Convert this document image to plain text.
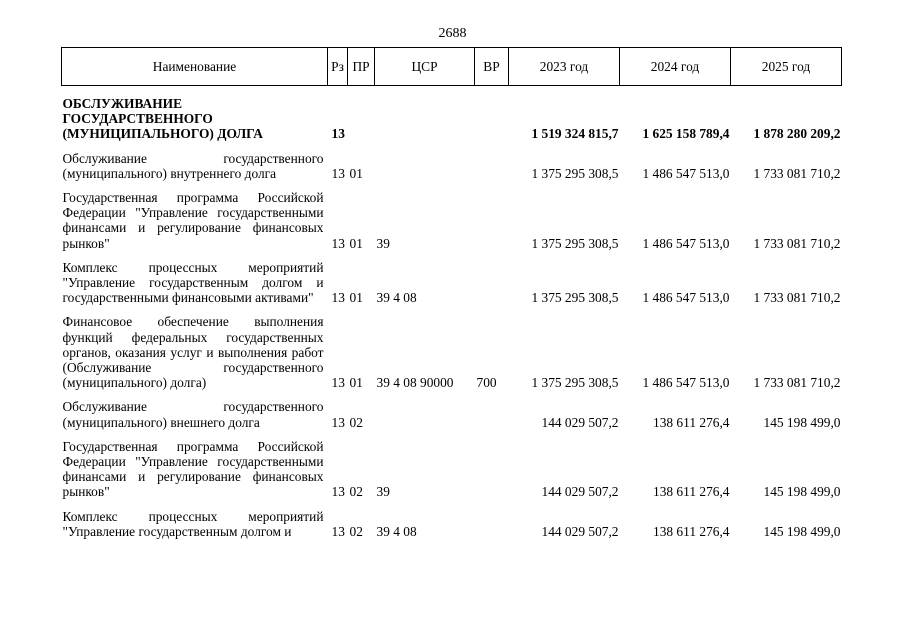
2688
Наименование	Рз	ПР	ЦСР	ВР	2023 год	2024 год	2025 год
ОБСЛУЖИВАНИЕ ГОСУДАРСТВЕННОГО (МУНИЦИПАЛЬНОГО) ДОЛГА	13				1 519 324 815,7	1 625 158 789,4	1 878 280 209,2
Обслуживание государственного (муниципального) внутреннего долга	13	01			1 375 295 308,5	1 486 547 513,0	1 733 081 710,2
Государственная программа Российской Федерации "Управление государственными финансами и регулирование финансовых рынков"	13	01	39		1 375 295 308,5	1 486 547 513,0	1 733 081 710,2
Комплекс процессных мероприятий "Управление государственным долгом и государственными финансовыми активами"	13	01	39 4 08		1 375 295 308,5	1 486 547 513,0	1 733 081 710,2
Финансовое обеспечение выполнения функций федеральных государственных органов, оказания услуг и выполнения работ (Обслуживание государственного (муниципального) долга)	13	01	39 4 08 90000	700	1 375 295 308,5	1 486 547 513,0	1 733 081 710,2
Обслуживание государственного (муниципального) внешнего долга	13	02			144 029 507,2	138 611 276,4	145 198 499,0
Государственная программа Российской Федерации "Управление государственными финансами и регулирование финансовых рынков"	13	02	39		144 029 507,2	138 611 276,4	145 198 499,0
Комплекс процессных мероприятий "Управление государственным долгом и	13	02	39 4 08		144 029 507,2	138 611 276,4	145 198 499,0
